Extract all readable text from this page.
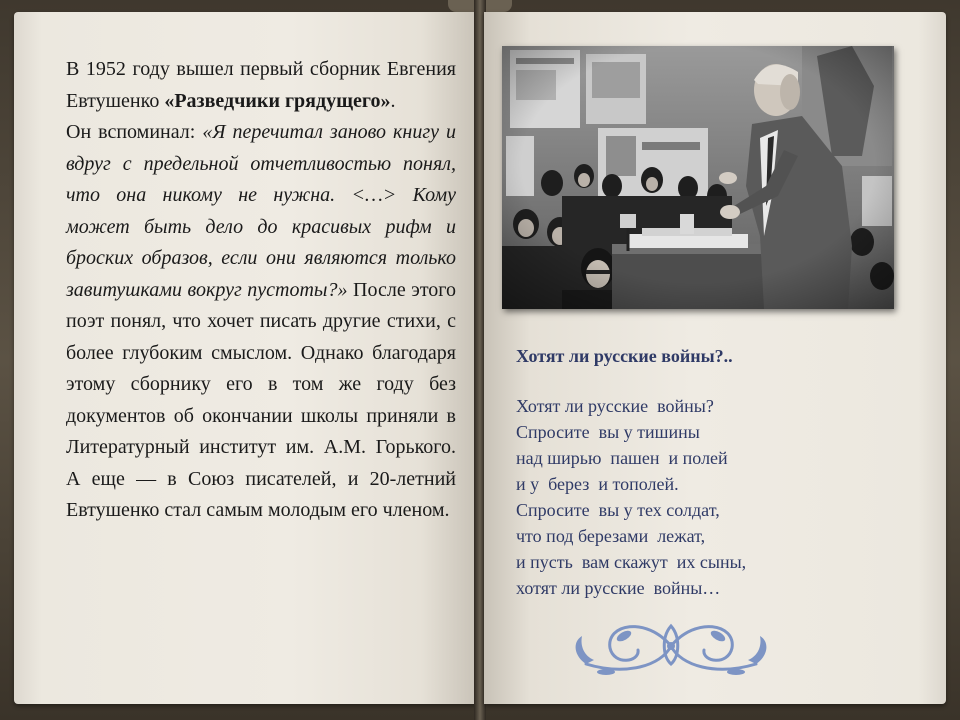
В 1952 году вышел первый сборник Евгения Евтушенко «Разведчики грядущего».

Он вспоминал: «Я перечитал заново книгу и вдруг с предельной отчетливостью понял, что она никому не нужна. <…> Кому может быть дело до красивых рифм и броских образов, если они являются только завитушками вокруг пустоты?» После этого поэт понял, что хочет писать другие стихи, с более глубоким смыслом. Однако благодаря этому сборнику его в том же году без документов об окончании школы приняли в Литературный институт им. А.М. Горького. А еще — в Союз писателей, и 20-летний Евтушенко стал самым молодым его членом.

Хотят ли русские войны?..
Хотят ли русские  войны?
Спросите  вы у тишины
над ширью  пашен  и полей
и у  берез  и тополей.
Спросите  вы у тех солдат,
что под березами  лежат,
и пусть  вам скажут  их сыны,
хотят ли русские  войны…
